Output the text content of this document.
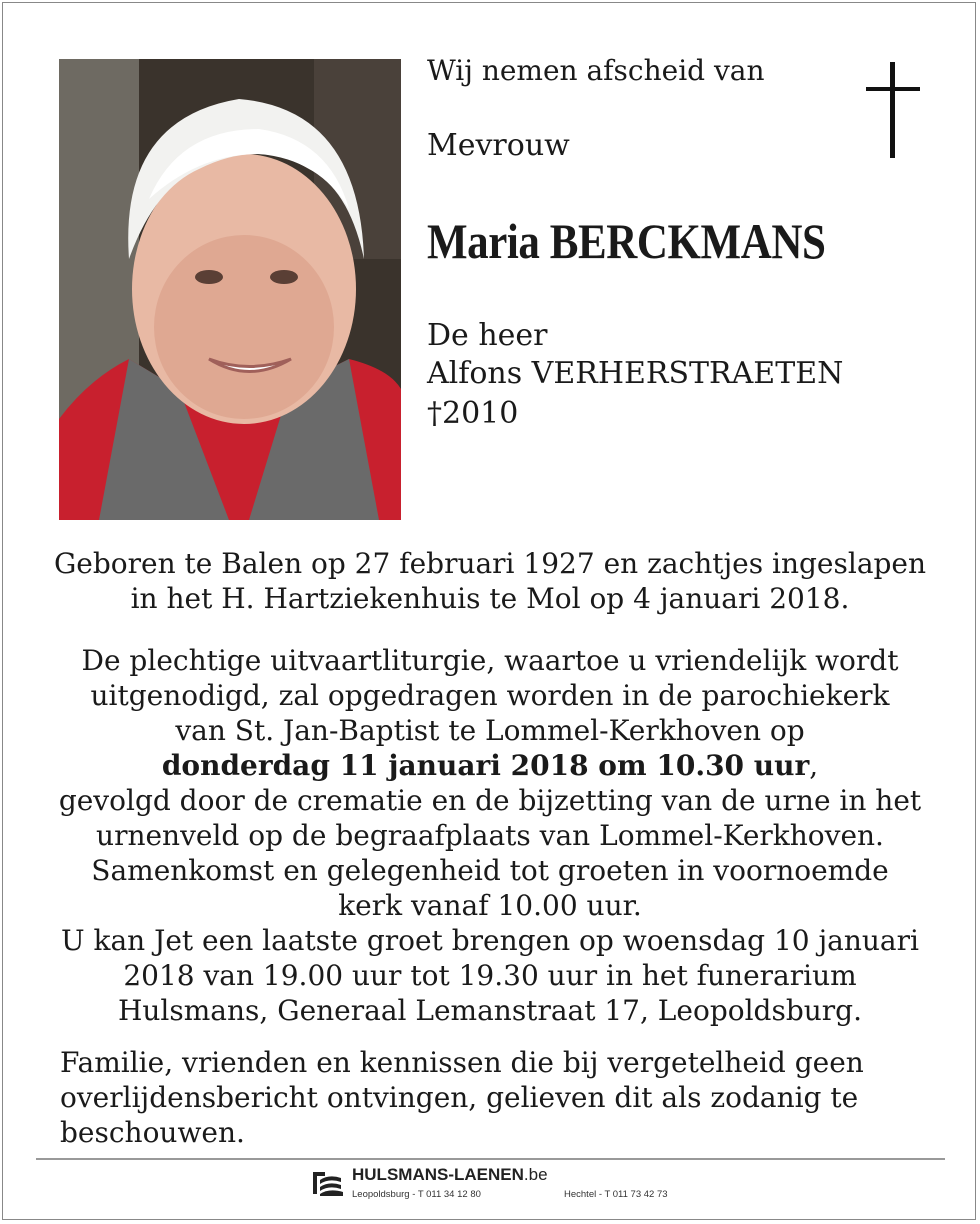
Wij nemen afscheid van
Mevrouw
Maria BERCKMANS
De heer
Alfons VERHERSTRAETEN
†2010
Geboren te Balen op 27 februari 1927 en zachtjes ingeslapen
in het H. Hartziekenhuis te Mol op 4 januari 2018.
De plechtige uitvaartliturgie, waartoe u vriendelijk wordt
uitgenodigd, zal opgedragen worden in de parochiekerk
van St. Jan-Baptist te Lommel-Kerkhoven op
donderdag 11 januari 2018 om 10.30 uur,
gevolgd door de crematie en de bijzetting van de urne in het
urnenveld op de begraafplaats van Lommel-Kerkhoven.
Samenkomst en gelegenheid tot groeten in voornoemde
kerk vanaf 10.00 uur.
U kan Jet een laatste groet brengen op woensdag 10 januari
2018 van 19.00 uur tot 19.30 uur in het funerarium
Hulsmans, Generaal Lemanstraat 17, Leopoldsburg.
Familie, vrienden en kennissen die bij vergetelheid geen
overlijdensbericht ontvingen, gelieven dit als zodanig te
beschouwen.
HULSMANS-LAENEN.be
Leopoldsburg - T 011 34 12 80	Hechtel - T 011 73 42 73
